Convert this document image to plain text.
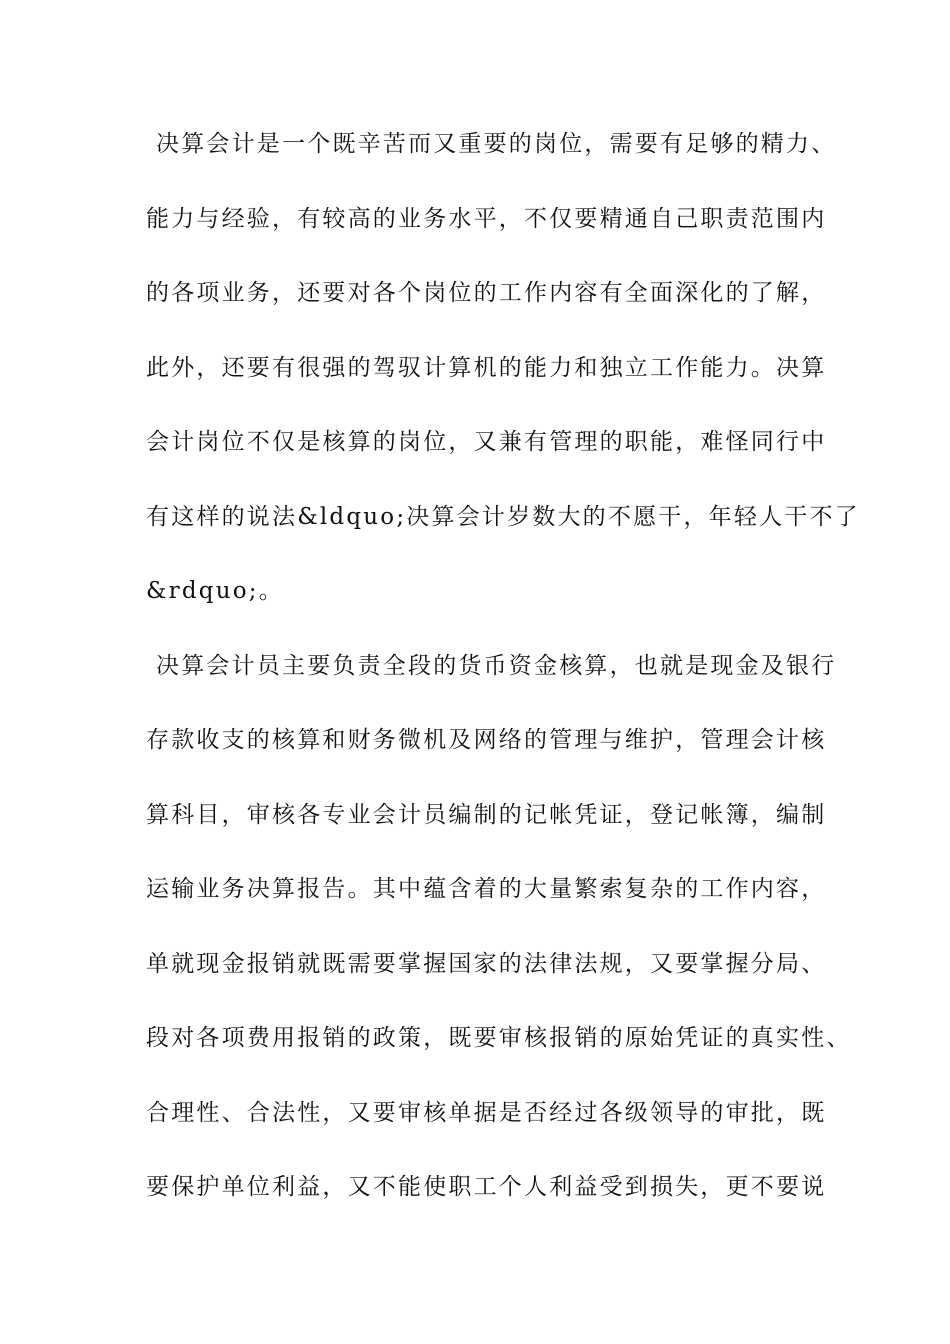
决算会计是一个既辛苦而又重要的岗位，需要有足够的精力、
能力与经验，有较高的业务水平，不仅要精通自己职责范围内
的各项业务，还要对各个岗位的工作内容有全面深化的了解，
此外，还要有很强的驾驭计算机的能力和独立工作能力。决算
会计岗位不仅是核算的岗位，又兼有管理的职能，难怪同行中
有这样的说法&ldquo;决算会计岁数大的不愿干，年轻人干不了
&rdquo;。
决算会计员主要负责全段的货币资金核算，也就是现金及银行
存款收支的核算和财务微机及网络的管理与维护，管理会计核
算科目，审核各专业会计员编制的记帐凭证，登记帐簿，编制
运输业务决算报告。其中蕴含着的大量繁索复杂的工作内容，
单就现金报销就既需要掌握国家的法律法规，又要掌握分局、
段对各项费用报销的政策，既要审核报销的原始凭证的真实性、
合理性、合法性，又要审核单据是否经过各级领导的审批，既
要保护单位利益，又不能使职工个人利益受到损失，更不要说
